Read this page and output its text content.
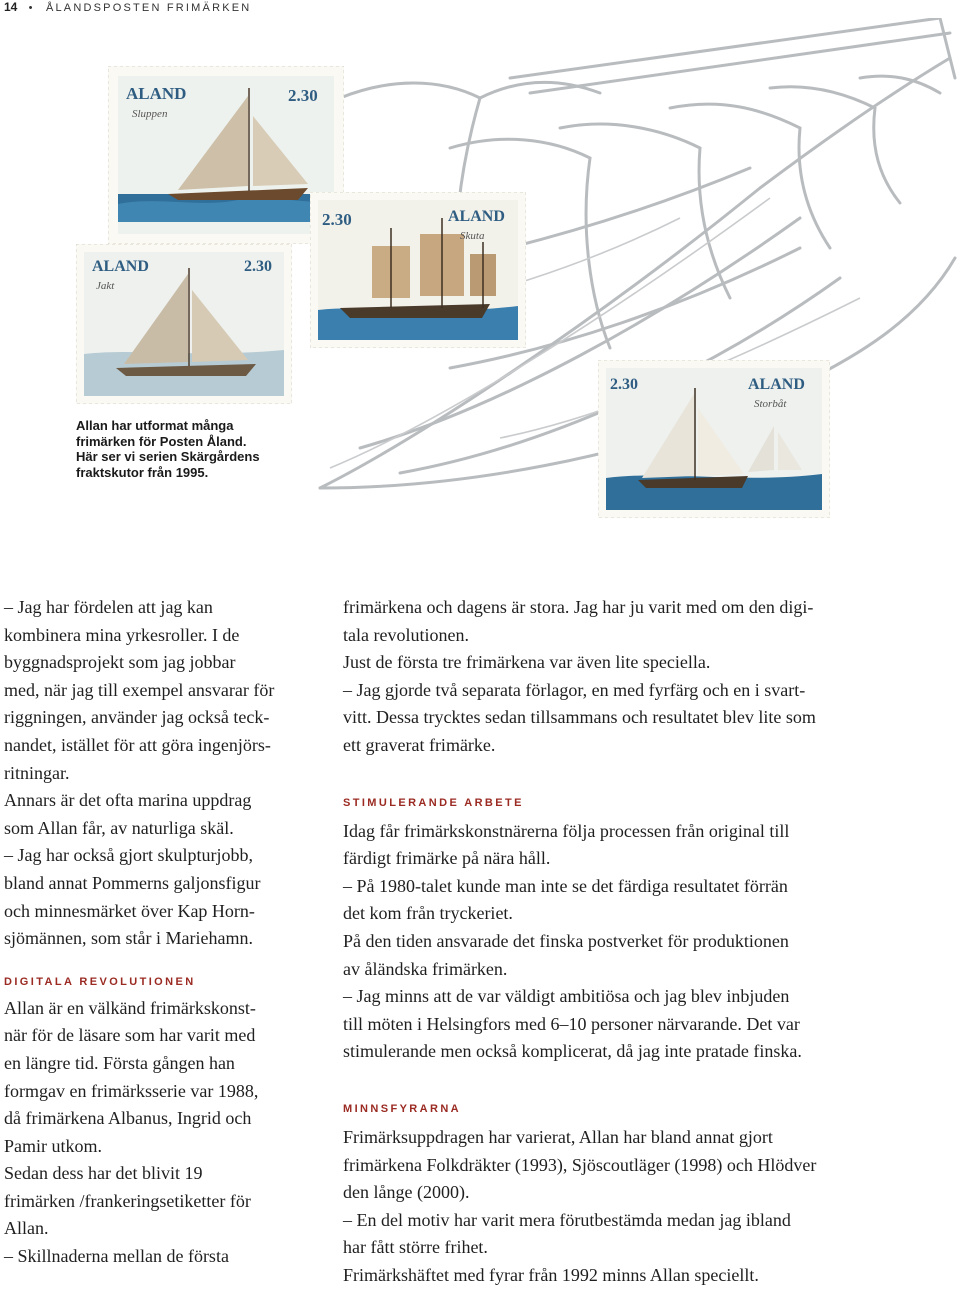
14 • ÅLANDSPOSTEN FRIMÄRKEN
ALAND	2.30
Sluppen
ALAND	2.30
Jakt
2.30	ALAND
Skuta
2.30	ALAND
Storbåt
Allan har utformat många
frimärken för Posten Åland.
Här ser vi serien Skärgårdens
fraktskutor från 1995.
– Jag har fördelen att jag kan
kombinera mina yrkesroller. I de
byggnadsprojekt som jag jobbar
med, när jag till exempel ansvarar för
riggningen, använder jag också teck-
nandet, istället för att göra ingenjörs-
ritningar.
Annars är det ofta marina uppdrag
som Allan får, av naturliga skäl.
– Jag har också gjort skulpturjobb,
bland annat Pommerns galjonsfigur
och minnesmärket över Kap Horn-
sjömännen, som står i Mariehamn.
DIGITALA REVOLUTIONEN
Allan är en välkänd frimärkskonst-
när för de läsare som har varit med
en längre tid. Första gången han
formgav en frimärksserie var 1988,
då frimärkena Albanus, Ingrid och
Pamir utkom.
Sedan dess har det blivit 19
frimärken /frankeringsetiketter för
Allan.
– Skillnaderna mellan de första
frimärkena och dagens är stora. Jag har ju varit med om den digi-
tala revolutionen.
Just de första tre frimärkena var även lite speciella.
– Jag gjorde två separata förlagor, en med fyrfärg och en i svart-
vitt. Dessa trycktes sedan tillsammans och resultatet blev lite som
ett graverat frimärke.
STIMULERANDE ARBETE
Idag får frimärkskonstnärerna följa processen från original till
färdigt frimärke på nära håll.
– På 1980-talet kunde man inte se det färdiga resultatet förrän
det kom från tryckeriet.
På den tiden ansvarade det finska postverket för produktionen
av åländska frimärken.
– Jag minns att de var väldigt ambitiösa och jag blev inbjuden
till möten i Helsingfors med 6–10 personer närvarande. Det var
stimulerande men också komplicerat, då jag inte pratade finska.
MINNSFYRARNA
Frimärksuppdragen har varierat, Allan har bland annat gjort
frimärkena Folkdräkter (1993), Sjöscoutläger (1998) och Hlödver
den långe (2000).
– En del motiv har varit mera förutbestämda medan jag ibland
har fått större frihet.
Frimärkshäftet med fyrar från 1992 minns Allan speciellt.
